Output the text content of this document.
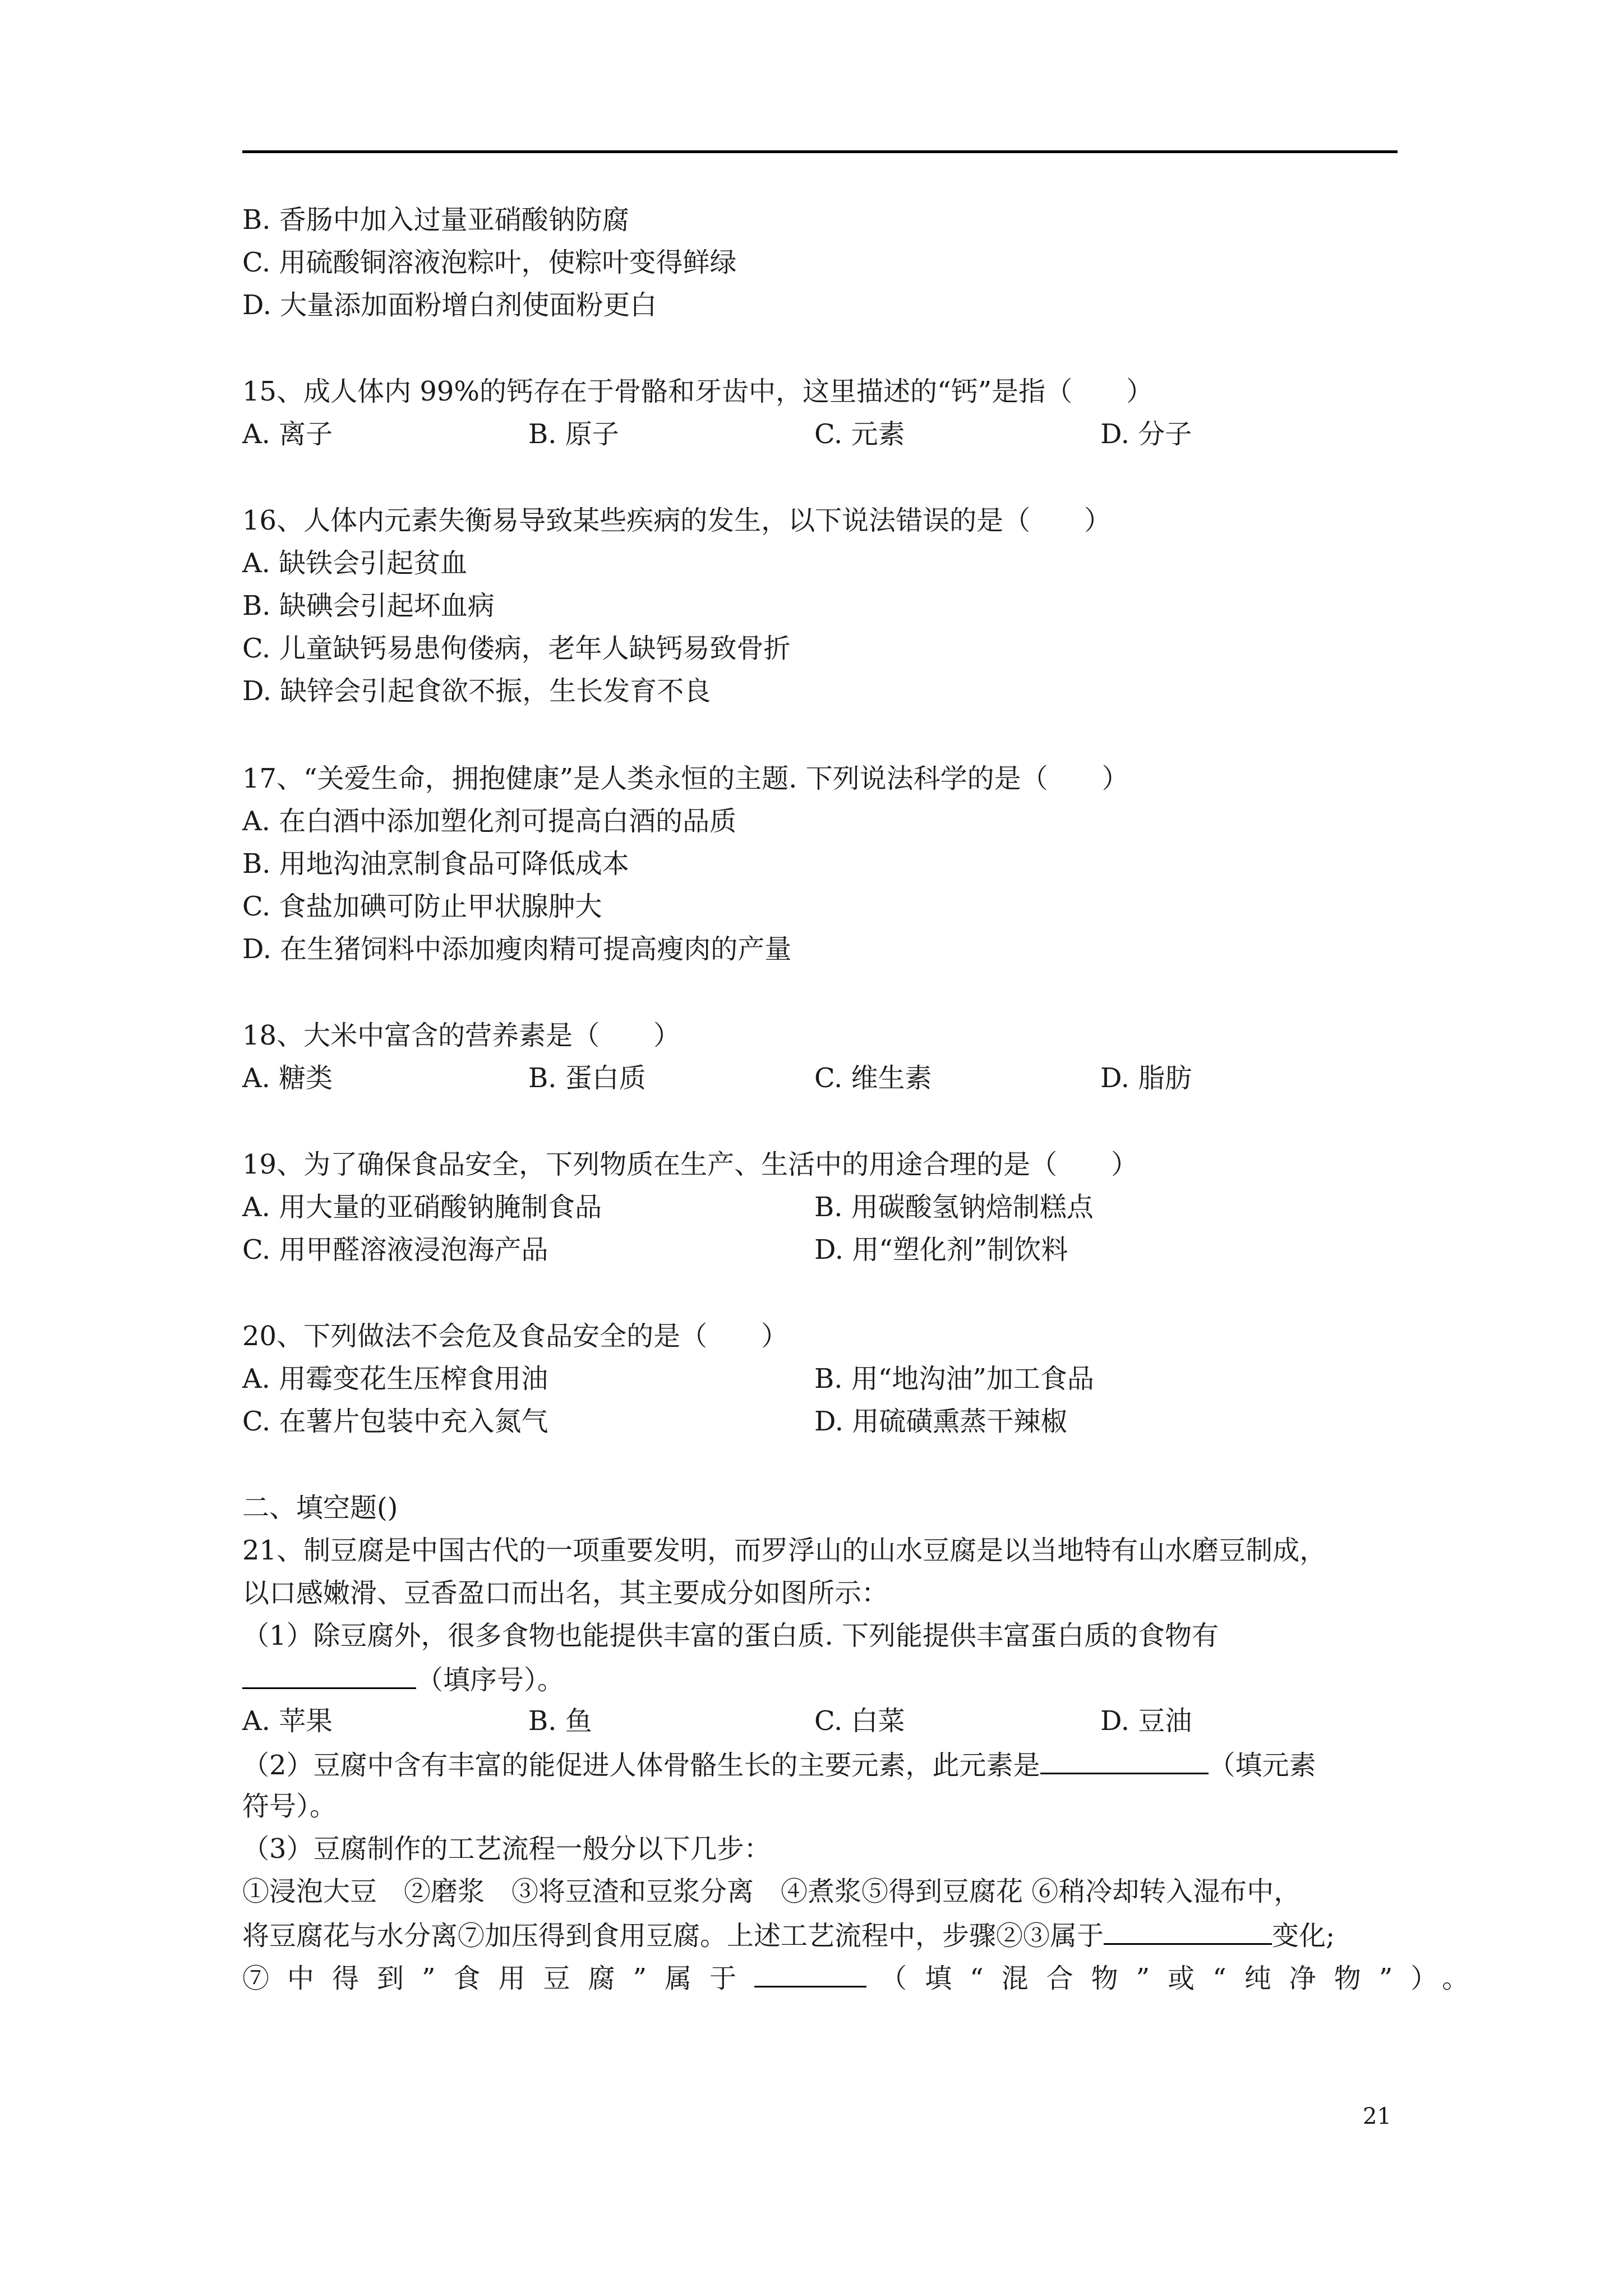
B. 香肠中加入过量亚硝酸钠防腐
C. 用硫酸铜溶液泡粽叶，使粽叶变得鲜绿
D. 大量添加面粉增白剂使面粉更白
15、成人体内 99%的钙存在于骨骼和牙齿中，这里描述的“钙”是指（　　）
A. 离子	B. 原子	C. 元素	D. 分子
16、人体内元素失衡易导致某些疾病的发生，以下说法错误的是（　　）
A. 缺铁会引起贫血
B. 缺碘会引起坏血病
C. 儿童缺钙易患佝偻病，老年人缺钙易致骨折
D. 缺锌会引起食欲不振，生长发育不良
17、“关爱生命，拥抱健康”是人类永恒的主题. 下列说法科学的是（　　）
A. 在白酒中添加塑化剂可提高白酒的品质
B. 用地沟油烹制食品可降低成本
C. 食盐加碘可防止甲状腺肿大
D. 在生猪饲料中添加瘦肉精可提高瘦肉的产量
18、大米中富含的营养素是（　　）
A. 糖类	B. 蛋白质	C. 维生素	D. 脂肪
19、为了确保食品安全，下列物质在生产、生活中的用途合理的是（　　）
A. 用大量的亚硝酸钠腌制食品	B. 用碳酸氢钠焙制糕点
C. 用甲醛溶液浸泡海产品	D. 用“塑化剂”制饮料
20、下列做法不会危及食品安全的是（　　）
A. 用霉变花生压榨食用油	B. 用“地沟油”加工食品
C. 在薯片包装中充入氮气	D. 用硫磺熏蒸干辣椒
二、填空题()
21、制豆腐是中国古代的一项重要发明，而罗浮山的山水豆腐是以当地特有山水磨豆制成，
以口感嫩滑、豆香盈口而出名，其主要成分如图所示：
（1）除豆腐外，很多食物也能提供丰富的蛋白质. 下列能提供丰富蛋白质的食物有
（填序号）。
A. 苹果	B. 鱼	C. 白菜	D. 豆油
（2）豆腐中含有丰富的能促进人体骨骼生长的主要元素，此元素是	（填元素
符号）。
（3）豆腐制作的工艺流程一般分以下几步：
①浸泡大豆　②磨浆　③将豆渣和豆浆分离　④煮浆⑤得到豆腐花 ⑥稍冷却转入湿布中，
将豆腐花与水分离⑦加压得到食用豆腐。上述工艺流程中，步骤②③属于	变化;
⑦中得到”食用豆腐”属于	（填“混合物”或“纯净物”）。
21
